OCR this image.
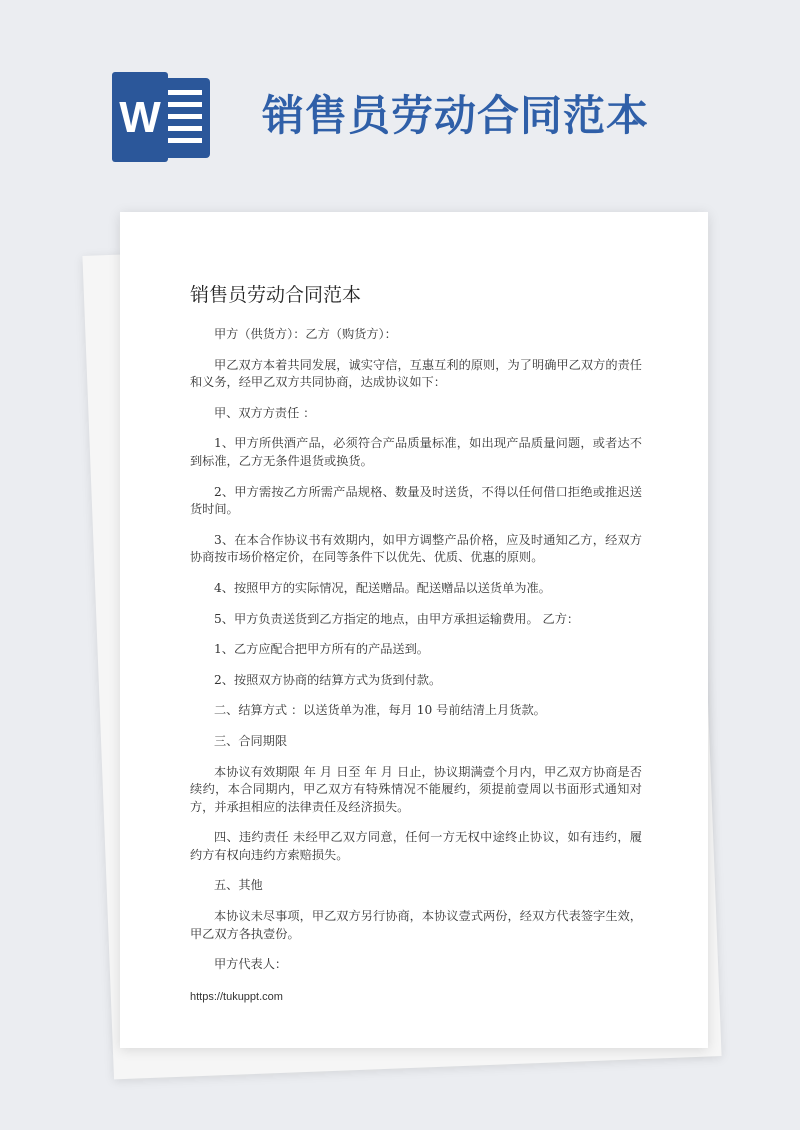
W 销售员劳动合同范本
销售员劳动合同范本

甲方（供货方）：乙方（购货方）：

甲乙双方本着共同发展，诚实守信，互惠互利的原则，为了明确甲乙双方的责任和义务，经甲乙双方共同协商，达成协议如下：

甲、双方方责任 ：

1、甲方所供酒产品，必须符合产品质量标准，如出现产品质量问题，或者达不到标准，乙方无条件退货或换货。

2、甲方需按乙方所需产品规格、数量及时送货，不得以任何借口拒绝或推迟送货时间。

3、在本合作协议书有效期内，如甲方调整产品价格，应及时通知乙方，经双方协商按市场价格定价，在同等条件下以优先、优质、优惠的原则。

4、按照甲方的实际情况，配送赠品。配送赠品以送货单为准。

5、甲方负责送货到乙方指定的地点，由甲方承担运输费用。 乙方：

1、乙方应配合把甲方所有的产品送到。

2、按照双方协商的结算方式为货到付款。

二、结算方式 ：以送货单为准，每月 10 号前结清上月货款。

三、合同期限

本协议有效期限 年 月 日至 年 月 日止，协议期满壹个月内，甲乙双方协商是否续约，本合同期内，甲乙双方有特殊情况不能履约，须提前壹周以书面形式通知对方，并承担相应的法律责任及经济损失。

四、违约责任 未经甲乙双方同意，任何一方无权中途终止协议，如有违约，履约方有权向违约方索赔损失。

五、其他

本协议未尽事项，甲乙双方另行协商，本协议壹式两份，经双方代表签字生效，甲乙双方各执壹份。

甲方代表人：

https://tukuppt.com
